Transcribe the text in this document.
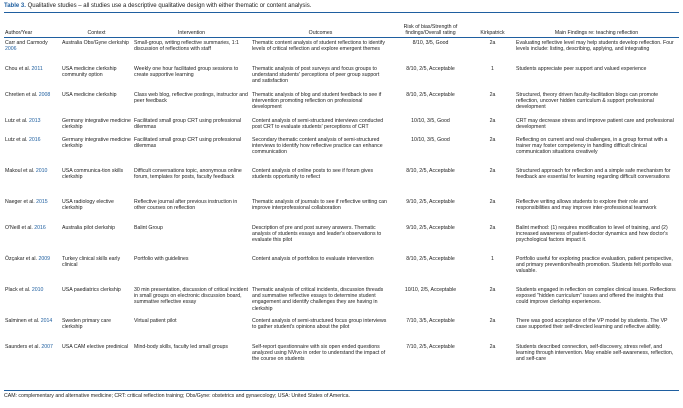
Table 3. Qualitative studies – all studies use a descriptive qualitative design with either thematic or content analysis.
Author/Year	Context	Intervention	Outcomes	Risk of bias/Strength of findings/Overall rating	Kirkpatrick	Main Findings re: teaching reflection
Carr and Carmody 2006	Australia Obs/Gyne clerkship	Small-group, writing reflective summaries, 1:1 discussion of reflections with staff	Thematic content analysis of student reflections to identify levels of critical reflection and explore emergent themes	8/10, 3/5, Good	2a	Evaluating reflective level may help students develop reflection. Four levels include: listing, describing, applying, and integrating
Chou et al. 2011	USA medicine clerkship community option	Weekly one hour facilitated group sessions to create supportive learning	Thematic analysis of post surveys and focus groups to understand students' perceptions of peer group support and satisfaction	8/10, 2/5, Acceptable	1	Students appreciate peer support and valued experience
Chretien et al. 2008	USA medicine clerkship	Class web blog, reflective postings, instructor and peer feedback	Thematic analysis of blog and student feedback to see if intervention promoting reflection on professional development	8/10, 2/5, Acceptable	2a	Structured, theory driven faculty-facilitation blogs can promote reflection, uncover hidden curriculum & support professional development
Lutz et al. 2013	Germany integrative medicine clerkship	Facilitated small group CRT using professional dilemmas	Content analysis of semi-structured interviews conducted post CRT to evaluate students' perceptions of CRT	10/10, 3/5, Good	2a	CRT may decrease stress and improve patient care and professional development
Lutz et al. 2016	Germany integrative medicine clerkship	Facilitated small group CRT using professional dilemmas	Secondary thematic content analysis of semi-structured interviews to identify how reflective practice can enhance communication	10/10, 3/5, Good	2a	Reflecting on current and real challenges, in a group format with a trainer may foster competency in handling difficult clinical communication situations creatively
Makoul et al. 2010	USA communica-tion skills clerkship	Difficult conversations topic, anonymous online forum, templates for posts, faculty feedback	Content analysis of online posts to see if forum gives students opportunity to reflect	8/10, 2/5, Acceptable	2a	Structured approach for reflection and a simple safe mechanism for feedback are essential for learning regarding difficult conversations
Naeger et al. 2015	USA radiology elective clerkship	Reflective journal after previous instruction in other courses on reflection	Thematic analysis of journals to see if reflective writing can improve interprofessional collaboration	9/10, 2/5, Acceptable	2a	Reflective writing allows students to explore their role and responsibilities and may improve inter-professional teamwork
O'Neill et al. 2016	Australia pilot clerkship	Balint Group	Description of pre and post survey answers. Thematic analysis of students essays and leader's observations to evaluate this pilot	9/10, 2/5, Acceptable	2a	Balint method: (1) requires modification to level of training, and (2) increased awareness of patient-doctor dynamics and how doctor's psychological factors impact it.
Özçakar et al. 2009	Turkey clinical skills early clinical	Portfolio with guidelines	Content analysis of portfolios to evaluate intervention	8/10, 2/5, Acceptable	1	Portfolio useful for exploring practice evaluation, patient perspective, and primary prevention/health promotion. Students felt portfolio was valuable.
Plack et al. 2010	USA paediatrics clerkship	30 min presentation, discussion of critical incident in small groups on electronic discussion board, summative reflective essay	Thematic analysis of critical incidents, discussion threads and summative reflective essays to determine student engagement and identify challenges they are having in clerkship	10/10, 2/5, Acceptable	2a	Students engaged in reflection on complex clinical issues. Reflections exposed "hidden curriculum" issues and offered the insights that could improve clerkship experiences.
Salminen et al. 2014	Sweden primary care clerkship	Virtual patient pilot	Content analysis of semi-structured focus group interviews to gather student's opinions about the pilot	7/10, 3/5, Acceptable	2a	There was good acceptance of the VP model by students. The VP case supported their self-directed learning and reflective ability.
Saunders et al. 2007	USA CAM elective predinical	Mind-body skills, faculty led small groups	Self-report questionnaire with six open ended questions analyzed using NVivo in order to understand the impact of the course on students	7/10, 2/5, Acceptable	2a	Students described connection, self-discovery, stress relief, and learning through intervention. May enable self-awareness, reflection, and self-care
CAM: complementary and alternative medicine; CRT: critical reflection training; Obs/Gyne: obstetrics and gynaecology; USA: United States of America.
